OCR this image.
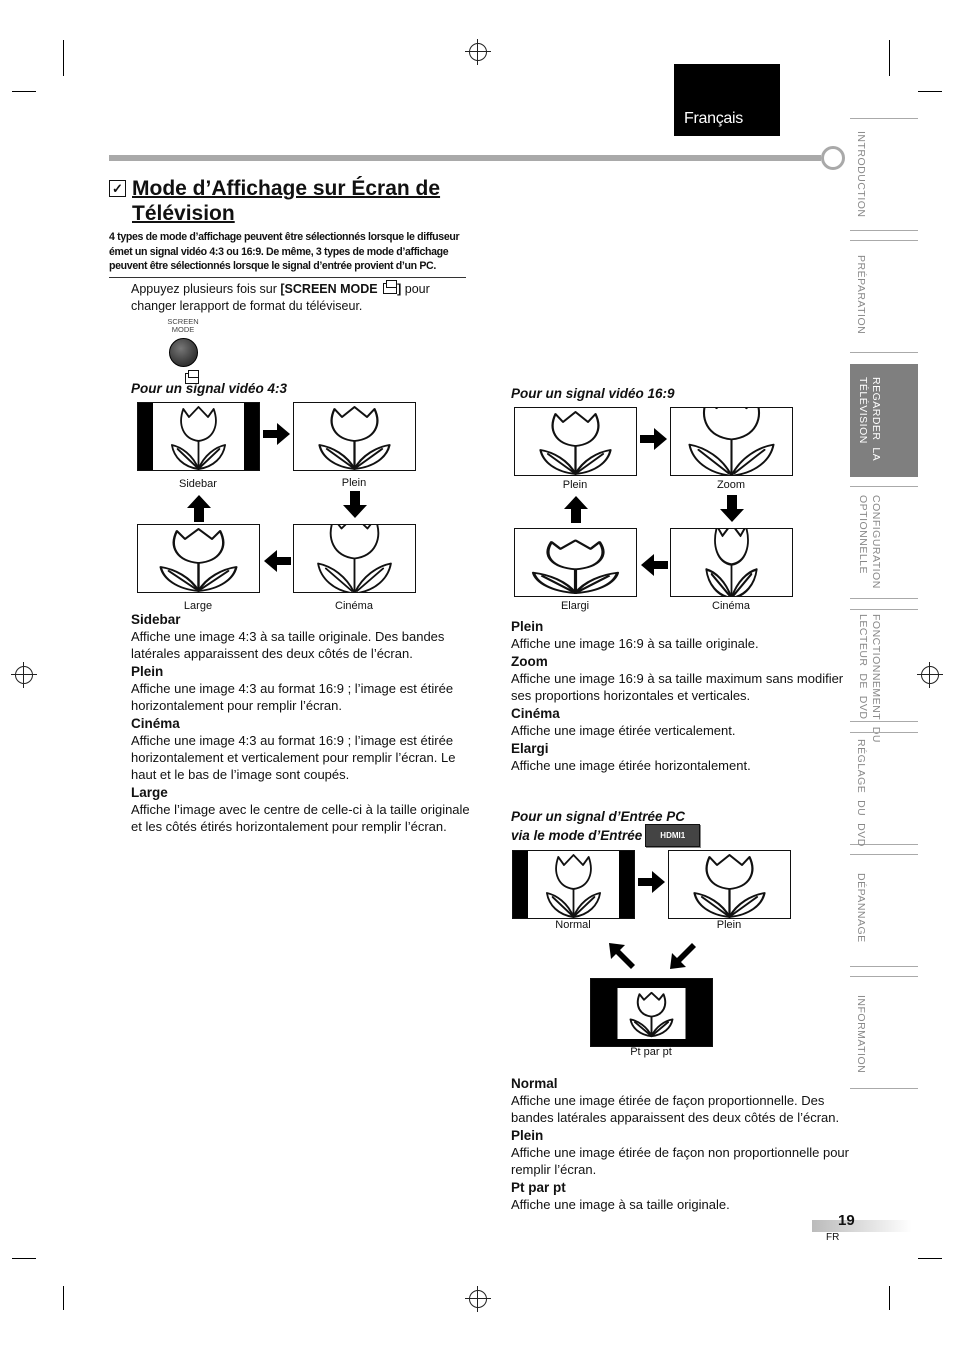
Français
✓ Mode d’Affichage sur Écran de
Télévision
4 types de mode d’affichage peuvent être sélectionnés lorsque le diffuseur émet un signal vidéo 4:3 ou 16:9. De même, 3 types de mode d’affichage peuvent être sélectionnés lorsque le signal d’entrée provient d’un PC.
Appuyez plusieurs fois sur [SCREEN MODE ] pour changer lerapport de format du téléviseur.
SCREEN
MODE
Pour un signal vidéo 4:3
Sidebar	Plein
Large	Cinéma
Sidebar

Affiche une image 4:3 à sa taille originale. Des bandes latérales apparaissent des deux côtés de l’écran.

Plein

Affiche une image 4:3 au format 16:9 ; l’image est étirée horizontalement pour remplir l’écran.

Cinéma

Affiche une image 4:3 au format 16:9 ; l’image est étirée horizontalement et verticalement pour remplir l’écran. Le haut et le bas de l’image sont coupés.

Large

Affiche l’image avec le centre de celle-ci à la taille originale et les côtés étirés horizontalement pour remplir l’écran.

Pour un signal vidéo 16:9
Plein	Zoom
Elargi	Cinéma
Plein

Affiche une image 16:9 à sa taille originale.

Zoom

Affiche une image 16:9 à sa taille maximum sans modifier ses proportions horizontales et verticales.

Cinéma

Affiche une image étirée verticalement.

Elargi

Affiche une image étirée horizontalement.

Pour un signal d’Entrée PC
via le mode d’Entrée HDMI1
Normal	Plein
Pt par pt
Normal

Affiche une image étirée de façon proportionnelle. Des bandes latérales apparaissent des deux côtés de l’écran.

Plein

Affiche une image étirée de façon non proportionnelle pour remplir l’écran.

Pt par pt

Affiche une image à sa taille originale.

INTRODUCTION
PRÉPARATION
REGARDER  LA
TÉLÉVISION
CONFIGURATION
OPTIONNELLE
FONCTIONNEMENT  DU
LECTEUR  DE  DVD
RÉGLAGE  DU  DVD
DÉPANNAGE
INFORMATION
19
FR
